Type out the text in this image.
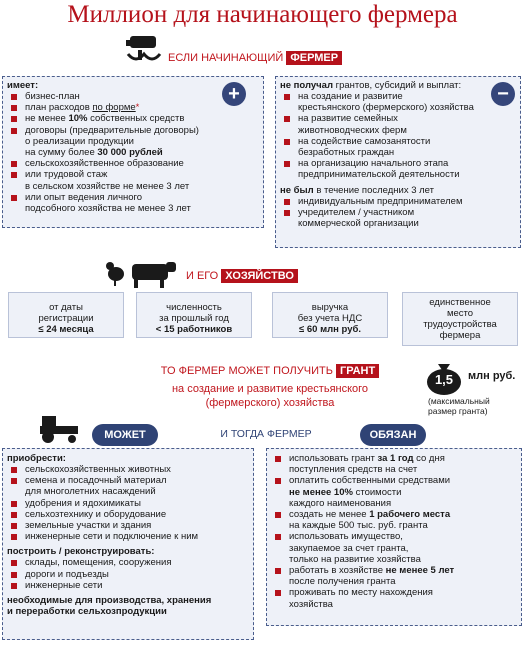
Миллион для начинающего фермера
ЕСЛИ НАЧИНАЮЩИЙ ФЕРМЕР
имеет:
бизнес-план
план расходов по форме*
не менее 10% собственных средств
договоры (предварительные договоры)
о реализации продукции
на сумму более 30 000 рублей
сельскохозяйственное образование
или трудовой стаж
в сельском хозяйстве не менее 3 лет
или опыт ведения личного
подсобного хозяйства не менее 3 лет
+	не получал грантов, субсидий и выплат:
на создание и развитие
крестьянского (фермерского) хозяйства
на развитие семейных
животноводческих ферм
на содействие самозанятости
безработных граждан
на организацию начального этапа
предпринимательской деятельности
не был в течение последних 3 лет
индивидуальным предпринимателем
учредителем / участником
коммерческой организации
−
И ЕГО ХОЗЯЙСТВО
от даты
регистрации
≤ 24 месяца
численность
за прошлый год
< 15 работников
выручка
без учета НДС
≤ 60 млн руб.
единственное
место
трудоустройства
фермера
ТО ФЕРМЕР МОЖЕТ ПОЛУЧИТЬ ГРАНТ
на создание и развитие крестьянского
(фермерского) хозяйства
1,5	млн руб.
(максимальный
размер гранта)
МОЖЕТ	И ТОГДА ФЕРМЕР	ОБЯЗАН
приобрести:
сельскохозяйственных животных
семена и посадочный материал
для многолетних насаждений
удобрения и ядохимикаты
сельхозтехнику и оборудование
земельные участки и здания
инженерные сети и подключение к ним
построить / реконструировать:
склады, помещения, сооружения
дороги и подъезды
инженерные сети
необходимые для производства, хранения
и переработки сельхозпродукции
использовать грант за 1 год со дня
поступления средств на счет
оплатить собственными средствами
не менее 10% стоимости
каждого наименования
создать не менее 1 рабочего места
на каждые 500 тыс. руб. гранта
использовать имущество,
закупаемое за счет гранта,
только на развитие хозяйства
работать в хозяйстве не менее 5 лет
после получения гранта
проживать по месту нахождения
хозяйства
